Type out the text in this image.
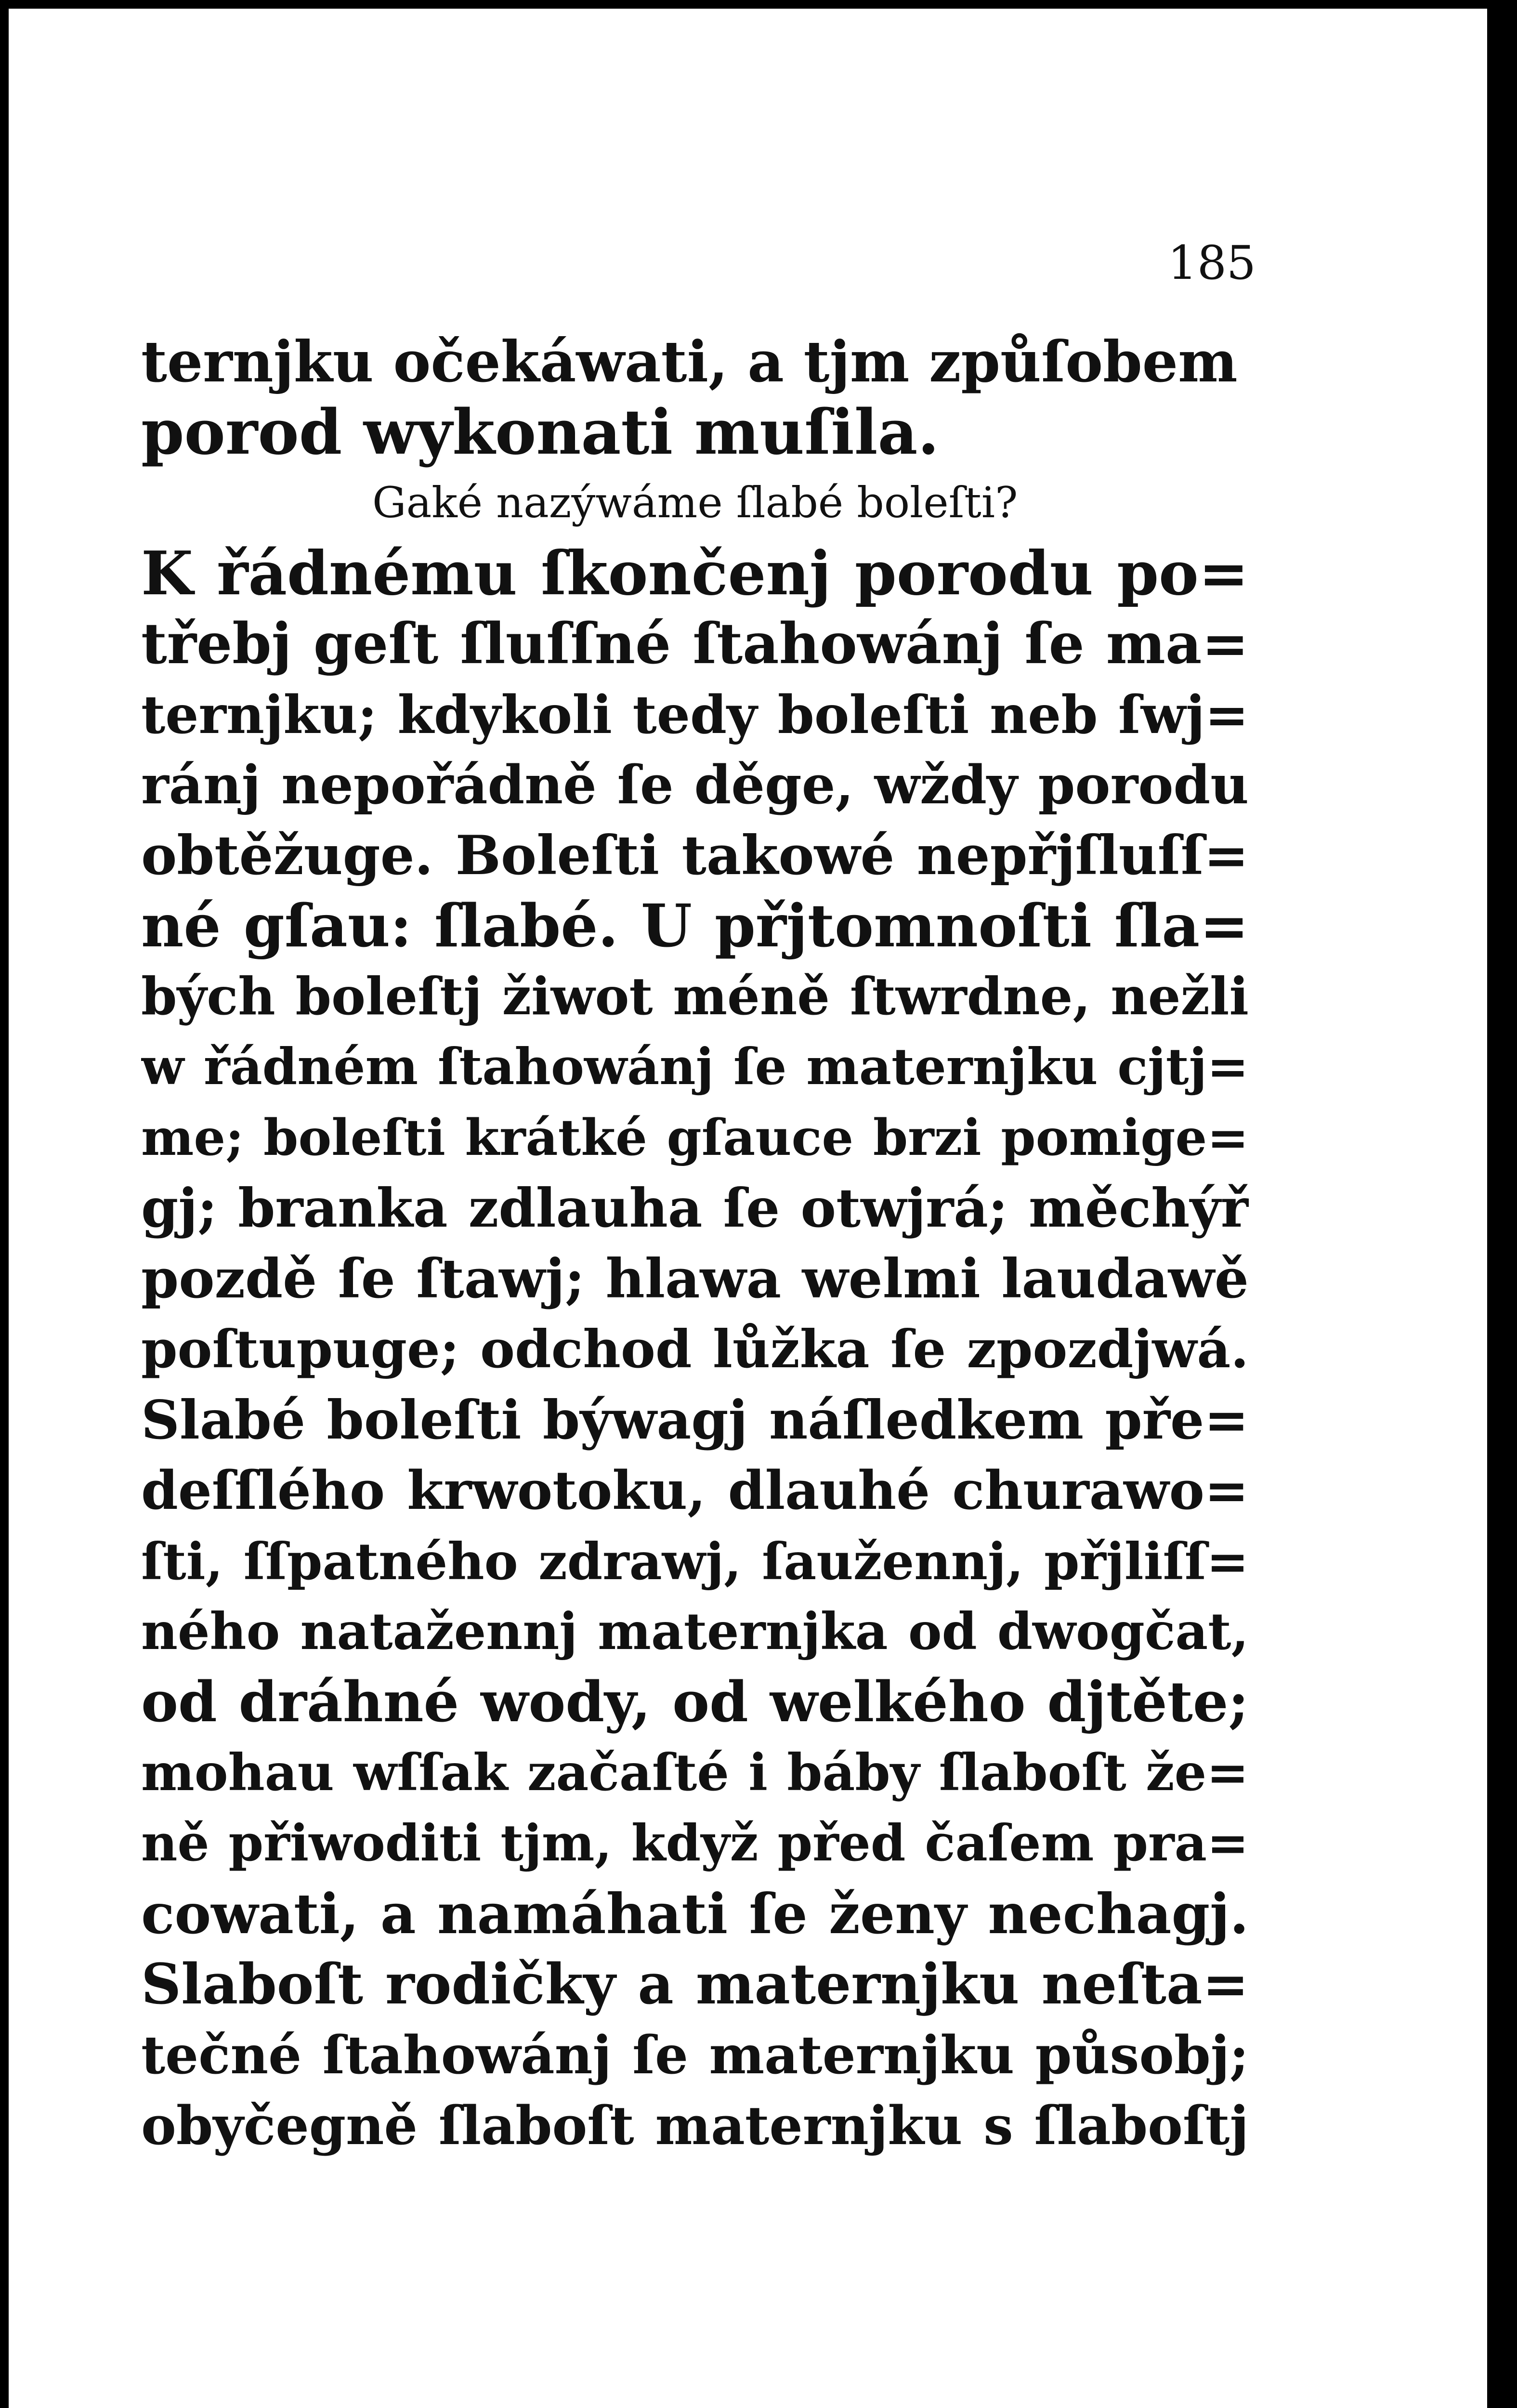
185
ternjku očekáwati, a tjm způſobem
porod wykonati muſila.
Gaké nazýwáme ſlabé boleſti?
K řádnému ſkončenj porodu po=
třebj geſt ſluſſné ſtahowánj ſe ma=
ternjku; kdykoli tedy boleſti neb ſwj=
ránj nepořádně ſe děge, wždy porodu
obtěžuge. Boleſti takowé nepřjſluſſ=
né gſau: ſlabé. U přjtomnoſti ſla=
bých boleſtj žiwot méně ſtwrdne, nežli
w řádném ſtahowánj ſe maternjku cjtj=
me; boleſti krátké gſauce brzi pomige=
gj; branka zdlauha ſe otwjrá; měchýř
pozdě ſe ſtawj; hlawa welmi laudawě
poſtupuge; odchod lůžka ſe zpozdjwá.
Slabé boleſti býwagj náſledkem pře=
deſſlého krwotoku, dlauhé churawo=
ſti, ſſpatného zdrawj, ſaužennj, přjliſſ=
ného natažennj maternjka od dwogčat,
od dráhné wody, od welkého djtěte;
mohau wſſak začaſté i báby ſlaboſt že=
ně přiwoditi tjm, když před čaſem pra=
cowati, a namáhati ſe ženy nechagj.
Slaboſt rodičky a maternjku neſta=
tečné ſtahowánj ſe maternjku působj;
obyčegně ſlaboſt maternjku s ſlaboſtj
